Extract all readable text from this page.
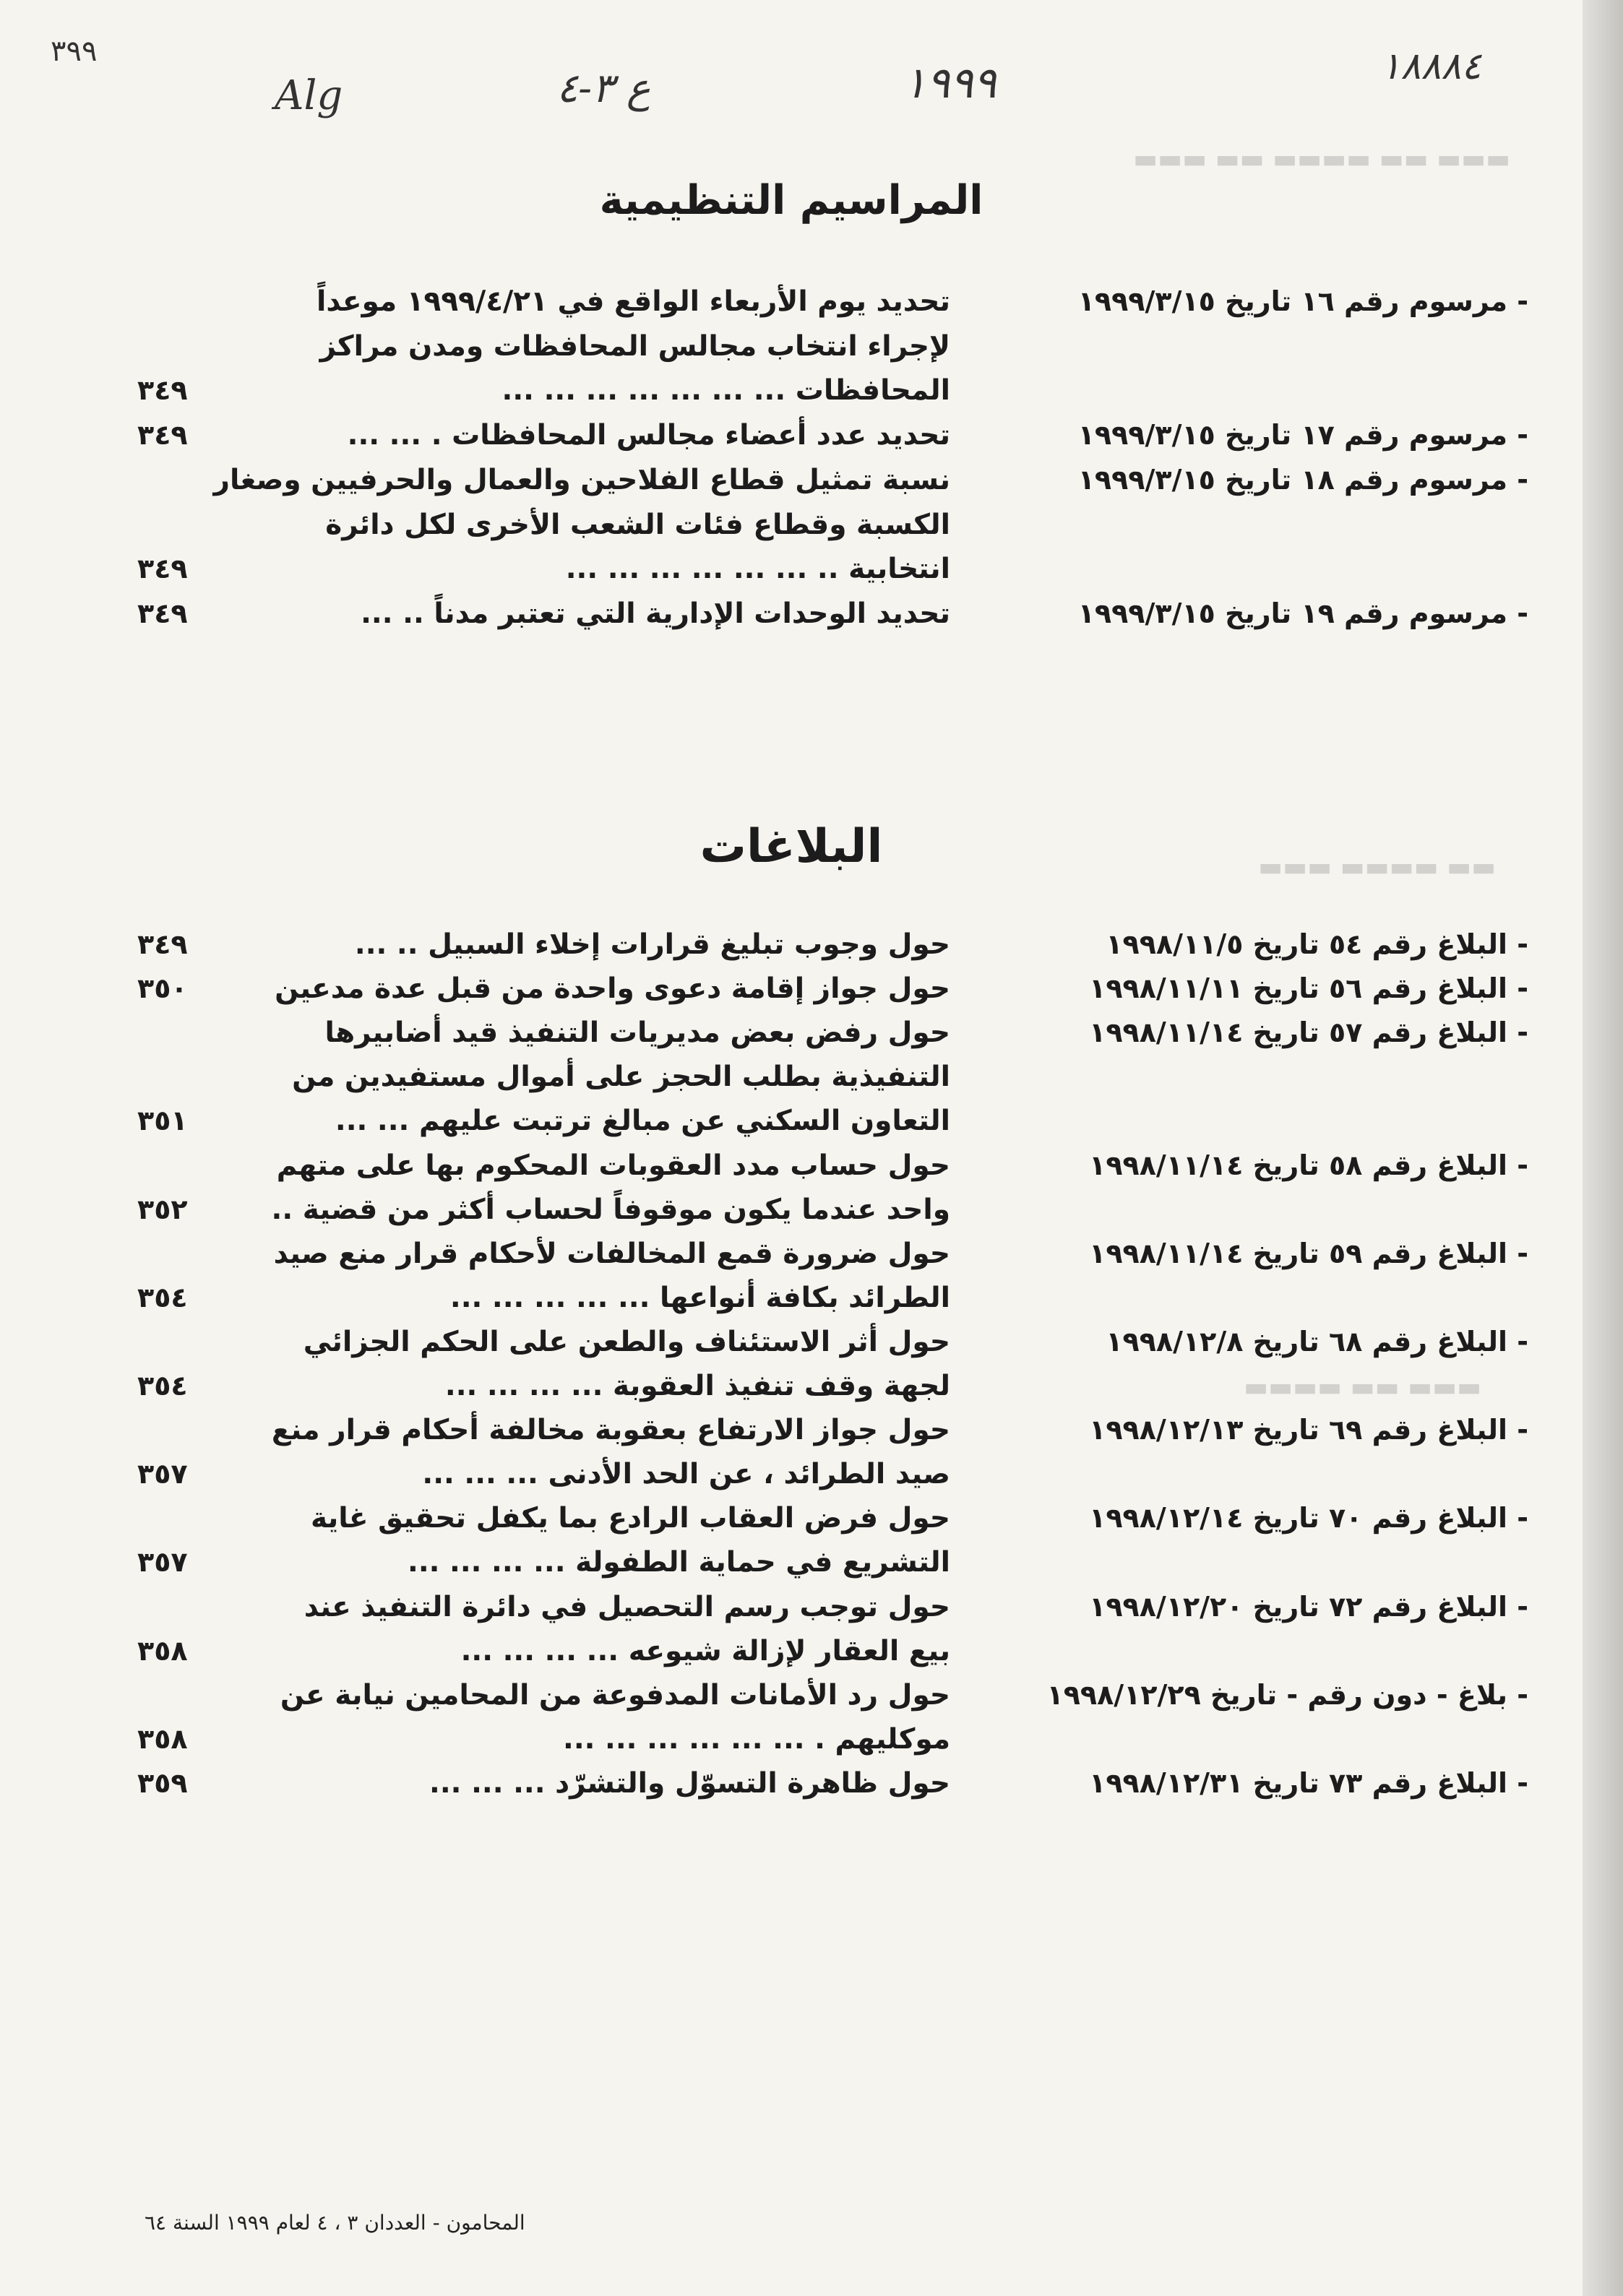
٣٩٩	١٨٨٨٤
١٩٩٩
ع ٣-٤
Alg
▬▬▬ ▬▬ ▬▬▬▬ ▬▬ ▬▬▬
▬▬ ▬▬▬▬ ▬▬▬
▬▬▬ ▬▬ ▬▬▬▬
المراسيم التنظيمية
- مرسوم رقم ١٦ تاريخ ١٩٩٩/٣/١٥
تحديد يوم الأربعاء الواقع في ١٩٩٩/٤/٢١ موعداً
لإجراء انتخاب مجالس المحافظات ومدن مراكز
المحافظات ... ... ... ... ... ... ...
٣٤٩
- مرسوم رقم ١٧ تاريخ ١٩٩٩/٣/١٥
تحديد عدد أعضاء مجالس المحافظات . ... ...
٣٤٩
- مرسوم رقم ١٨ تاريخ ١٩٩٩/٣/١٥
نسبة تمثيل قطاع الفلاحين والعمال والحرفيين وصغار
الكسبة وقطاع فئات الشعب الأخرى لكل دائرة
انتخابية .. ... ... ... ... ... ...
٣٤٩
- مرسوم رقم ١٩ تاريخ ١٩٩٩/٣/١٥
تحديد الوحدات الإدارية التي تعتبر مدناً .. ...
٣٤٩
البلاغات
- البلاغ رقم ٥٤ تاريخ ١٩٩٨/١١/٥
حول وجوب تبليغ قرارات إخلاء السبيل .. ...
٣٤٩
- البلاغ رقم ٥٦ تاريخ ١٩٩٨/١١/١١
حول جواز إقامة دعوى واحدة من قبل عدة مدعين
٣٥٠
- البلاغ رقم ٥٧ تاريخ ١٩٩٨/١١/١٤
حول رفض بعض مديريات التنفيذ قيد أضابيرها
التنفيذية بطلب الحجز على أموال مستفيدين من
التعاون السكني عن مبالغ ترتبت عليهم ... ...
٣٥١
- البلاغ رقم ٥٨ تاريخ ١٩٩٨/١١/١٤
حول حساب مدد العقوبات المحكوم بها على متهم
واحد عندما يكون موقوفاً لحساب أكثر من قضية ..
٣٥٢
- البلاغ رقم ٥٩ تاريخ ١٩٩٨/١١/١٤
حول ضرورة قمع المخالفات لأحكام قرار منع صيد
الطرائد بكافة أنواعها ... ... ... ... ...
٣٥٤
- البلاغ رقم ٦٨ تاريخ ١٩٩٨/١٢/٨
حول أثر الاستئناف والطعن على الحكم الجزائي
لجهة وقف تنفيذ العقوبة ... ... ... ...
٣٥٤
- البلاغ رقم ٦٩ تاريخ ١٩٩٨/١٢/١٣
حول جواز الارتفاع بعقوبة مخالفة أحكام قرار منع
صيد الطرائد ، عن الحد الأدنى ... ... ...
٣٥٧
- البلاغ رقم ٧٠ تاريخ ١٩٩٨/١٢/١٤
حول فرض العقاب الرادع بما يكفل تحقيق غاية
التشريع في حماية الطفولة ... ... ... ...
٣٥٧
- البلاغ رقم ٧٢ تاريخ ١٩٩٨/١٢/٢٠
حول توجب رسم التحصيل في دائرة التنفيذ عند
بيع العقار لإزالة شيوعه ... ... ... ...
٣٥٨
- بلاغ - دون رقم - تاريخ ١٩٩٨/١٢/٢٩
حول رد الأمانات المدفوعة من المحامين نيابة عن
موكليهم . ... ... ... ... ... ...
٣٥٨
- البلاغ رقم ٧٣ تاريخ ١٩٩٨/١٢/٣١
حول ظاهرة التسوّل والتشرّد ... ... ...
٣٥٩
المحامون - العددان ٣ ، ٤ لعام ١٩٩٩ السنة ٦٤
